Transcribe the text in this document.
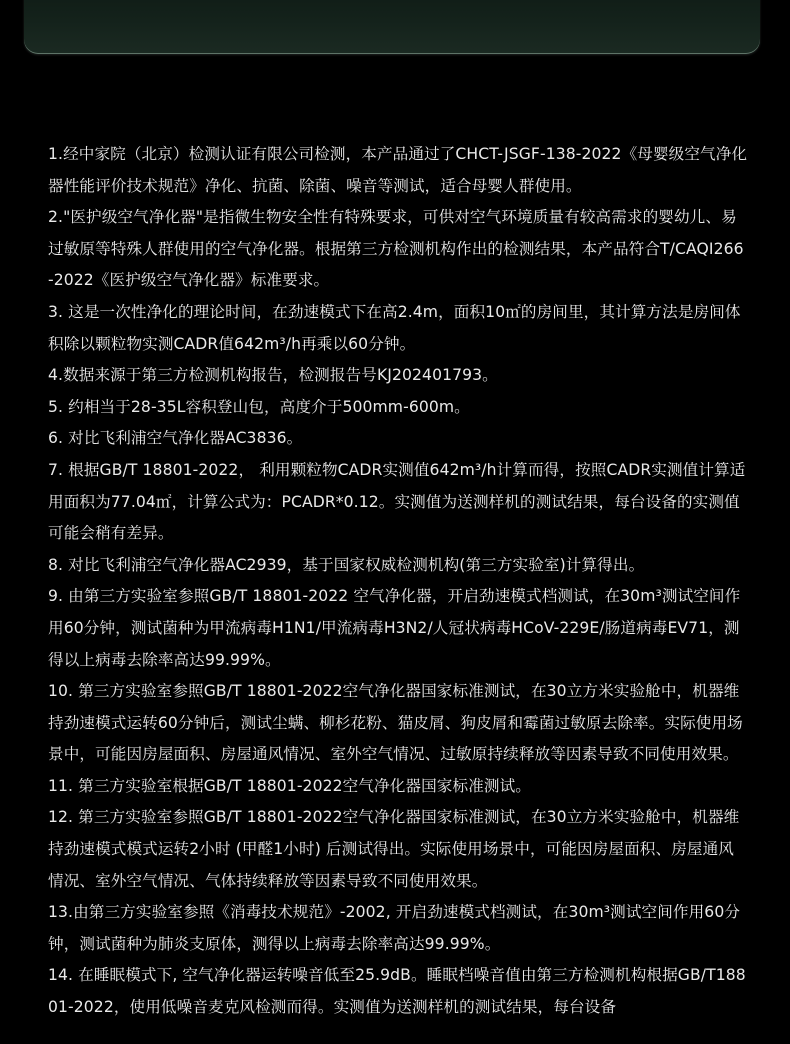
1.经中家院（北京）检测认证有限公司检测，本产品通过了CHCT-JSGF-138-2022《母婴级空气净化器性能评价技术规范》净化、抗菌、除菌、噪音等测试，适合母婴人群使用。
2."医护级空气净化器"是指微生物安全性有特殊要求，可供对空气环境质量有较高需求的婴幼儿、易过敏原等特殊人群使用的空气净化器。根据第三方检测机构作出的检测结果，本产品符合T/CAQI266-2022《医护级空气净化器》标准要求。
3. 这是一次性净化的理论时间，在劲速模式下在高2.4m，面积10㎡的房间里，其计算方法是房间体积除以颗粒物实测CADR值642m³/h再乘以60分钟。
4.数据来源于第三方检测机构报告，检测报告号KJ202401793。
5. 约相当于28-35L容积登山包，高度介于500mm-600m。
6. 对比飞利浦空气净化器AC3836。
7. 根据GB/T 18801-2022， 利用颗粒物CADR实测值642m³/h计算而得，按照CADR实测值计算适用面积为77.04㎡，计算公式为：PCADR*0.12。实测值为送测样机的测试结果，每台设备的实测值可能会稍有差异。
8. 对比飞利浦空气净化器AC2939，基于国家权威检测机构(第三方实验室)计算得出。
9. 由第三方实验室参照GB/T 18801-2022 空气净化器，开启劲速模式档测试，在30m³测试空间作用60分钟，测试菌种为甲流病毒H1N1/甲流病毒H3N2/人冠状病毒HCoV-229E/肠道病毒EV71，测得以上病毒去除率高达99.99%。
10. 第三方实验室参照GB/T 18801-2022空气净化器国家标准测试，在30立方米实验舱中，机器维持劲速模式运转60分钟后，测试尘螨、柳杉花粉、猫皮屑、狗皮屑和霉菌过敏原去除率。实际使用场景中，可能因房屋面积、房屋通风情况、室外空气情况、过敏原持续释放等因素导致不同使用效果。
11. 第三方实验室根据GB/T 18801-2022空气净化器国家标准测试。
12. 第三方实验室参照GB/T 18801-2022空气净化器国家标准测试，在30立方米实验舱中，机器维持劲速模式模式运转2小时 (甲醛1小时) 后测试得出。实际使用场景中，可能因房屋面积、房屋通风情况、室外空气情况、气体持续释放等因素导致不同使用效果。
13.由第三方实验室参照《消毒技术规范》-2002, 开启劲速模式档测试，在30m³测试空间作用60分钟，测试菌种为肺炎支原体，测得以上病毒去除率高达99.99%。
14. 在睡眠模式下, 空气净化器运转噪音低至25.9dB。睡眠档噪音值由第三方检测机构根据GB/T18801-2022，使用低噪音麦克风检测而得。实测值为送测样机的测试结果，每台设备
